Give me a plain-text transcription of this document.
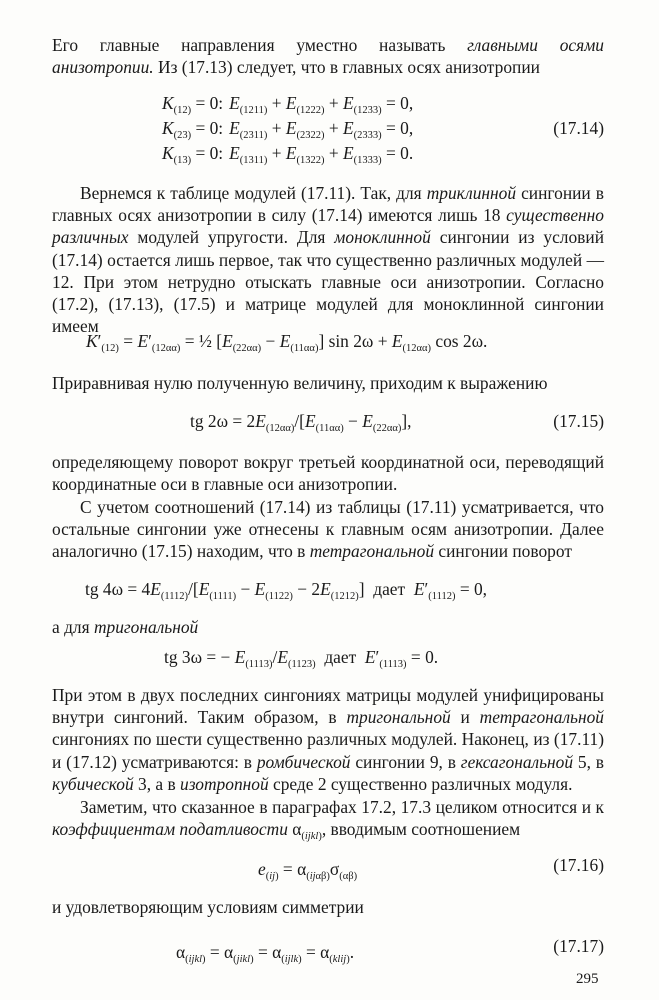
Его главные направления уместно называть главными осями анизотропии. Из (17.13) следует, что в главных осях анизотропии

$K_{(12)} = 0$: $E_{(1211)} + E_{(1222)} + E_{(1233)} = 0$,
$K_{(23)} = 0$: $E_{(2311)} + E_{(2322)} + E_{(2333)} = 0$,
$K_{(13)} = 0$: $E_{(1311)} + E_{(1322)} + E_{(1333)} = 0$.
(17.14)

Вернемся к таблице модулей (17.11). Так, для триклинной сингонии в главных осях анизотропии в силу (17.14) имеются лишь 18 существенно различных модулей упругости. Для моноклинной сингонии из условий (17.14) остается лишь первое, так что существенно различных модулей — 12. При этом нетрудно отыскать главные оси анизотропии. Согласно (17.2), (17.13), (17.5) и матрице модулей для моноклинной сингонии имеем

$K'_{(12)} = E'_{(12\alpha\alpha)}$ = ½ $[E_{(22\alpha\alpha)} - E_{(11\alpha\alpha)}]$ $\sin 2\omega + E_{(12\alpha\alpha)}$ cos 2ω.

Приравнивая нулю полученную величину, приходим к выражению

tg $2\omega = 2E_{(12\alpha\alpha)}/[E_{(11\alpha\alpha)} - E_{(22\alpha\alpha)}]$,	(17.15)

определяющему поворот вокруг третьей координатной оси, переводящий координатные оси в главные оси анизотропии.

С учетом соотношений (17.14) из таблицы (17.11) усматривается, что остальные сингонии уже отнесены к главным осям анизотропии. Далее аналогично (17.15) находим, что в тетрагональной сингонии поворот

tg $4\omega = 4E_{(1112)}/[E_{(1111)} - E_{(1122)} - 2E_{(1212)}]$  дает $E'_{(1112)} = 0$,

а для тригональной

tg 3ω = − $E_{(1113)}/E_{(1123)}$ дает $E'_{(1113)} = 0$.

При этом в двух последних сингониях матрицы модулей унифицированы внутри сингоний. Таким образом, в тригональной и тетрагональной сингониях по шести существенно различных модулей. Наконец, из (17.11) и (17.12) усматриваются: в ромбической сингонии 9, в гексагональной 5, в кубической 3, а в изотропной среде 2 существенно различных модуля.

Заметим, что сказанное в параграфах 17.2, 17.3 целиком относится и к коэффициентам податливости $\alpha_{(ijkl)}$, вводимым соотношением

$e_{(ij)} = \alpha_{(ij\alpha\beta)}\sigma_{(\alpha\beta)}$
(17.16)

и удовлетворяющим условиям симметрии

$\alpha_{(ijkl)} = \alpha_{(jikl)} = \alpha_{(ijlk)} = \alpha_{(klij)}$.	(17.17)
295
